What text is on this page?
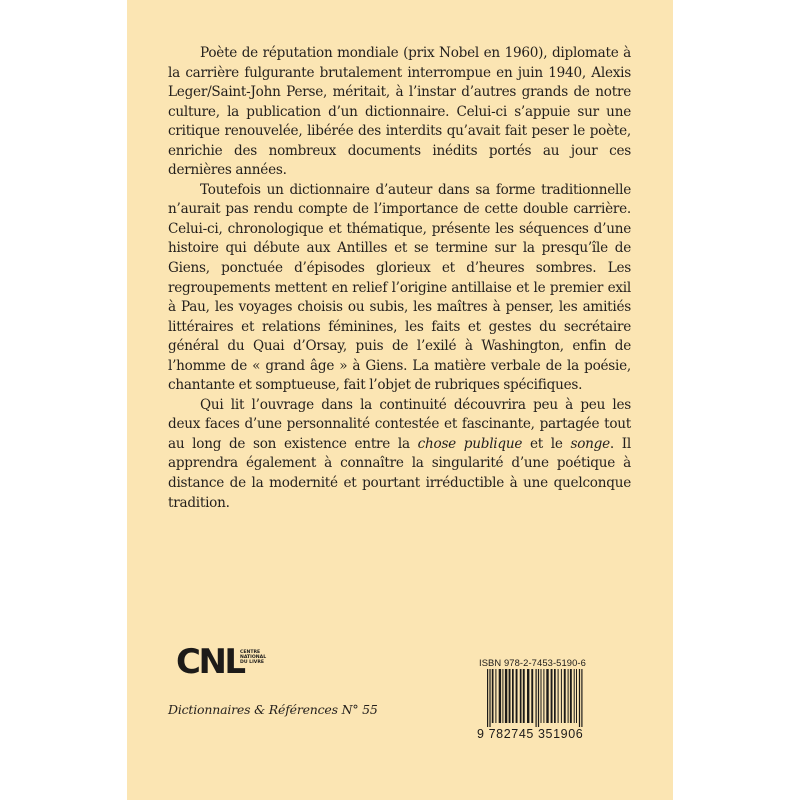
Poète de réputation mondiale (prix Nobel en 1960), diplomate à la carrière fulgurante brutalement interrompue en juin 1940, Alexis Leger/Saint-John Perse, méritait, à l’instar d’autres grands de notre culture, la publication d’un dictionnaire. Celui-ci s’appuie sur une critique renouvelée, libérée des interdits qu’avait fait peser le poète, enrichie des nombreux documents inédits portés au jour ces dernières années.

Toutefois un dictionnaire d’auteur dans sa forme traditionnelle n’aurait pas rendu compte de l’importance de cette double carrière. Celui-ci, chronologique et thématique, présente les séquences d’une histoire qui débute aux Antilles et se termine sur la presqu’île de Giens, ponctuée d’épisodes glorieux et d’heures sombres. Les regroupements mettent en relief l’origine antillaise et le premier exil à Pau, les voyages choisis ou subis, les maîtres à penser, les amitiés littéraires et relations féminines, les faits et gestes du secrétaire général du Quai d’Orsay, puis de l’exilé à Washington, enfin de l’homme de « grand âge » à Giens. La matière verbale de la poésie, chantante et somptueuse, fait l’objet de rubriques spécifiques.

Qui lit l’ouvrage dans la continuité découvrira peu à peu les deux faces d’une personnalité contestée et fascinante, partagée tout au long de son existence entre la chose publique et le songe. Il apprendra également à connaître la singularité d’une poétique à distance de la modernité et pourtant irréductible à une quelconque tradition.

CNL
CENTRE
NATIONAL
DU LIVRE
Dictionnaires & Références N° 55
ISBN 978-2-7453-5190-6
9 782745 351906
